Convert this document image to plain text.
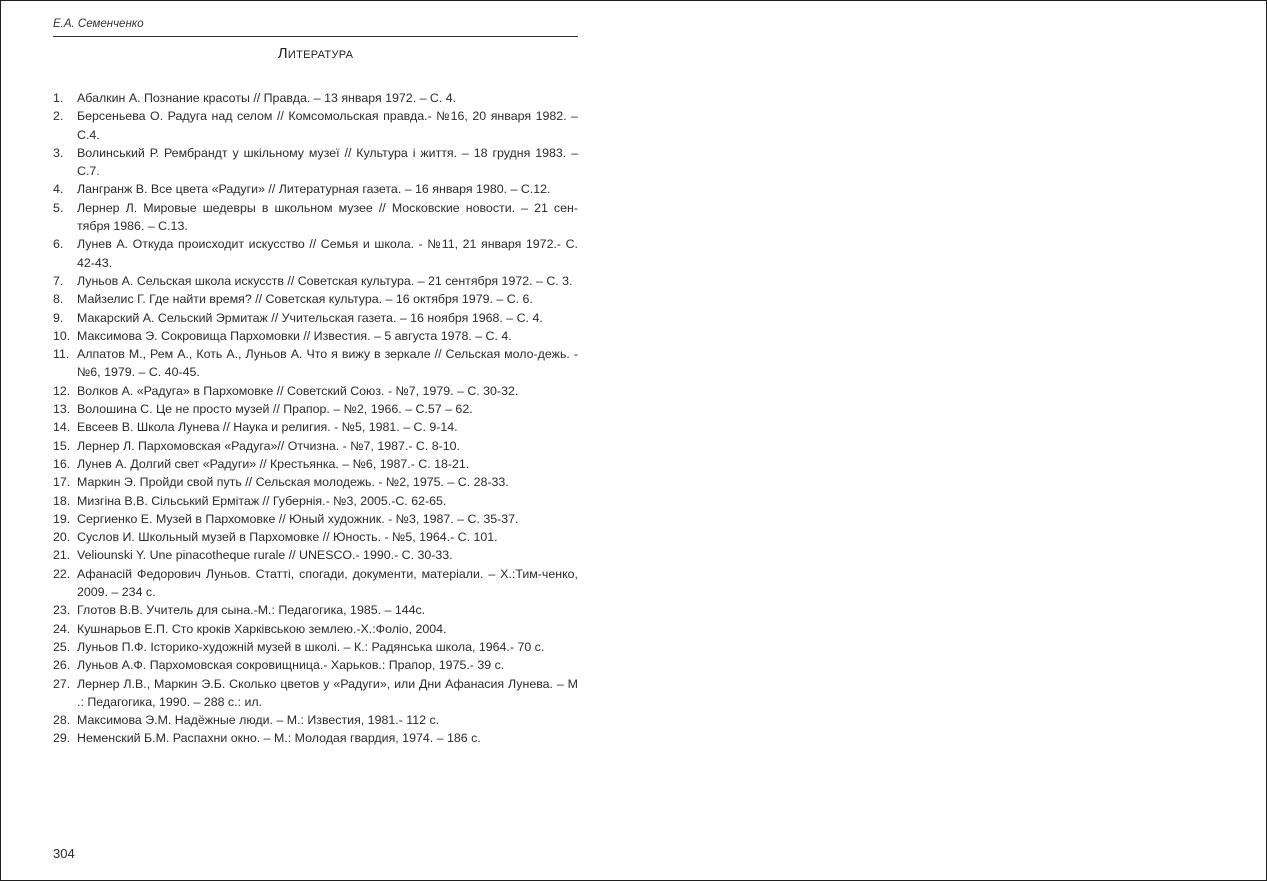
Е.А. Семенченко
Литература
1. Абалкин А. Познание красоты // Правда. – 13 января 1972. – С. 4.
2. Берсеньева О. Радуга над селом // Комсомольская правда.- №16, 20 января 1982. – С.4.
3. Волинський Р. Рембрандт у шкільному музеї // Культура і життя. – 18 грудня 1983. – С.7.
4. Лангранж В. Все цвета «Радуги» // Литературная газета. – 16 января 1980. – С.12.
5. Лернер Л. Мировые шедевры в школьном музее // Московские новости. – 21 сен-тября 1986. – С.13.
6. Лунев А. Откуда происходит искусство // Семья и школа. - №11, 21 января 1972.- С. 42-43.
7. Луньов А. Сельская школа искусств // Советская культура. – 21 сентября 1972. – С. 3.
8. Майзелис Г. Где найти время? // Советская культура. – 16 октября 1979. – С. 6.
9. Макарский А. Сельский Эрмитаж // Учительская газета. – 16 ноября 1968. – С. 4.
10. Максимова Э. Сокровища Пархомовки // Известия. – 5 августа 1978. – С. 4.
11. Алпатов М., Рем А., Коть А., Луньов А. Что я вижу в зеркале // Сельская моло-дежь. - №6, 1979. – С. 40-45.
12. Волков А. «Радуга» в Пархомовке // Советский Союз. - №7, 1979. – С. 30-32.
13. Волошина С. Це не просто музей // Прапор. – №2, 1966. – С.57 – 62.
14. Евсеев В. Школа Лунева // Наука и религия. - №5, 1981. – С. 9-14.
15. Лернер Л. Пархомовская «Радуга»// Отчизна. - №7, 1987.- С. 8-10.
16. Лунев А. Долгий свет «Радуги» // Крестьянка. – №6, 1987.- С. 18-21.
17. Маркин Э. Пройди свой путь // Сельская молодежь. - №2, 1975. – С. 28-33.
18. Мизгіна В.В. Сільський Ермітаж // Губернія.- №3, 2005.-С. 62-65.
19. Сергиенко Е. Музей в Пархомовке // Юный художник. - №3, 1987. – С. 35-37.
20. Суслов И. Школьный музей в Пархомовке // Юность. - №5, 1964.- С. 101.
21. Veliounski Y. Une pinacotheque rurale // UNESCO.- 1990.- С. 30-33.
22. Афанасій Федорович Луньов. Статті, спогади, документи, матеріали. – Х.:Тим-ченко, 2009. – 234 с.
23. Глотов В.В. Учитель для сына.-М.: Педагогика, 1985. – 144с.
24. Кушнарьов Е.П. Сто кроків Харківською землею.-Х.:Фоліо, 2004.
25. Луньов П.Ф. Історико-художній музей в школі. – К.: Радянська школа, 1964.- 70 с.
26. Луньов А.Ф. Пархомовская сокровищница.- Харьков.: Прапор, 1975.- 39 с.
27. Лернер Л.В., Маркин Э.Б. Сколько цветов у «Радуги», или Дни Афанасия Лунева. – М .: Педагогика, 1990. – 288 с.: ил.
28. Максимова Э.М. Надёжные люди. – М.: Известия, 1981.- 112 с.
29. Неменский Б.М. Распахни окно. – М.: Молодая гвардия, 1974. – 186 с.
304
